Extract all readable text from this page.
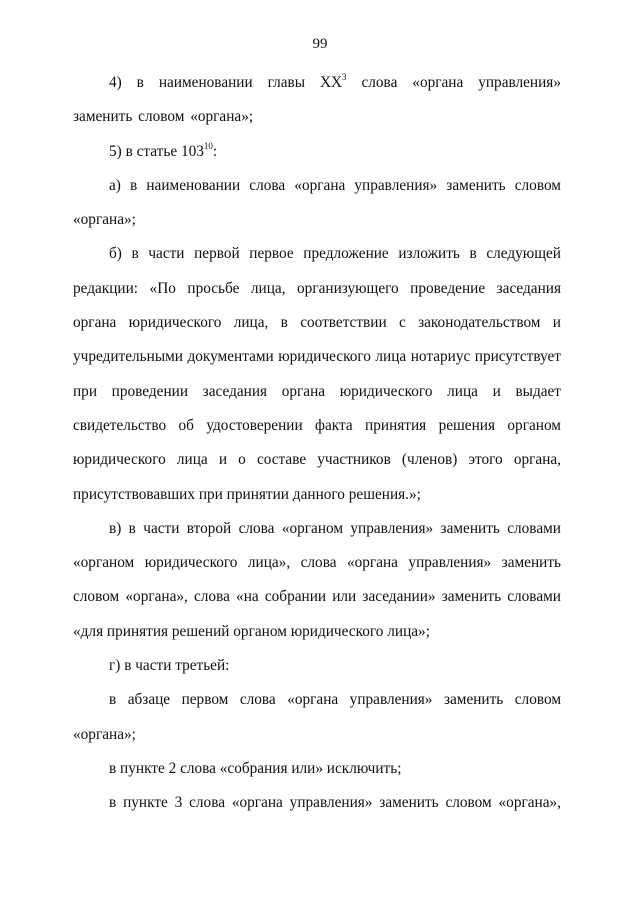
99

4) в наименовании главы $XX^3$ слова «органа управления» заменить словом «органа»;

5) в статье $103^{10}$:

а) в наименовании слова «органа управления» заменить словом «органа»;

б) в части первой первое предложение изложить в следующей редакции: «По просьбе лица, организующего проведение заседания органа юридического лица, в соответствии с законодательством и учредительными документами юридического лица нотариус присутствует при проведении заседания органа юридического лица и выдает свидетельство об удостоверении факта принятия решения органом юридического лица и о составе участников (членов) этого органа, присутствовавших при принятии данного решения.»;

в) в части второй слова «органом управления» заменить словами «органом юридического лица», слова «органа управления» заменить словом «органа», слова «на собрании или заседании» заменить словами «для принятия решений органом юридического лица»;

г) в части третьей:

в абзаце первом слова «органа управления» заменить словом «органа»;

в пункте 2 слова «собрания или» исключить;

в пункте 3 слова «органа управления» заменить словом «органа»,
